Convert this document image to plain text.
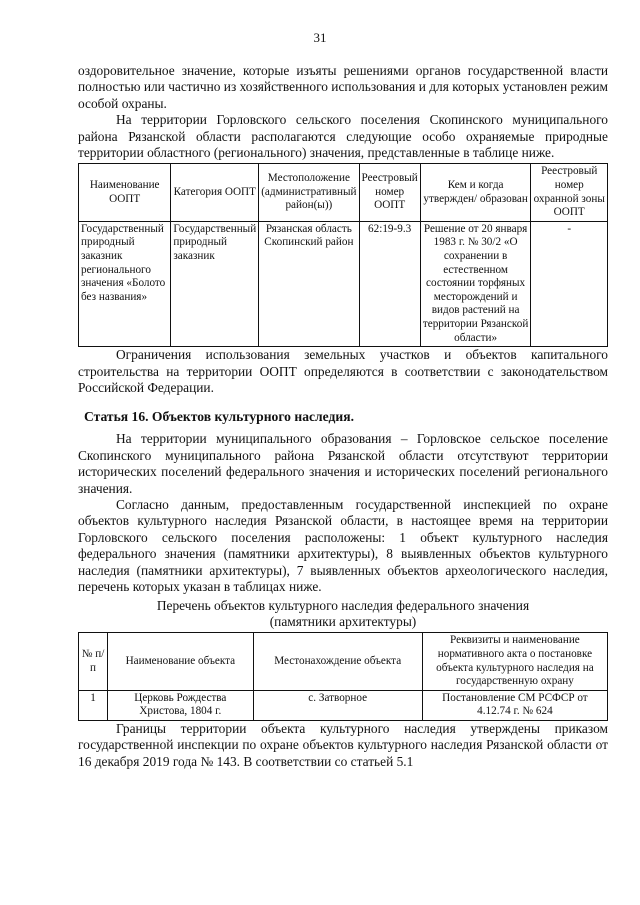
31

оздоровительное значение, которые изъяты решениями органов государственной власти полностью или частично из хозяйственного использования и для которых установлен режим особой охраны.

На территории Горловского сельского поселения Скопинского муниципального района Рязанской области располагаются следующие особо охраняемые природные территории областного (регионального) значения, представленные в таблице ниже.

Наименование ООПТ	Категория ООПТ	Местоположение (административный район(ы))	Реестровый номер ООПТ	Кем и когда утвержден/ образован	Реестровый номер охранной зоны ООПТ
Государственный природный заказник регионального значения «Болото без названия»	Государственный природный заказник	Рязанская область Скопинский район	62:19-9.3	Решение от 20 января 1983 г. № 30/2 «О сохранении в естественном состоянии торфяных месторождений и видов растений на территории Рязанской области»	-

Ограничения использования земельных участков и объектов капитального строительства на территории ООПТ определяются в соответствии с законодательством Российской Федерации.

Статья 16. Объектов культурного наследия.

На территории муниципального образования – Горловское сельское поселение Скопинского муниципального района Рязанской области отсутствуют территории исторических поселений федерального значения и исторических поселений регионального значения.

Согласно данным, предоставленным государственной инспекцией по охране объектов культурного наследия Рязанской области, в настоящее время на территории Горловского сельского поселения расположены: 1 объект культурного наследия федерального значения (памятники архитектуры), 8 выявленных объектов культурного наследия (памятники архитектуры), 7 выявленных объектов археологического наследия, перечень которых указан в таблицах ниже.

Перечень объектов культурного наследия федерального значения
(памятники архитектуры)
№ п/п	Наименование объекта	Местонахождение объекта	Реквизиты и наименование нормативного акта о постановке объекта культурного наследия на государственную охрану
1	Церковь Рождества Христова, 1804 г.	с. Затворное	Постановление СМ РСФСР от 4.12.74 г. № 624

Границы территории объекта культурного наследия утверждены приказом государственной инспекции по охране объектов культурного наследия Рязанской области от 16 декабря 2019 года № 143. В соответствии со статьей 5.1
